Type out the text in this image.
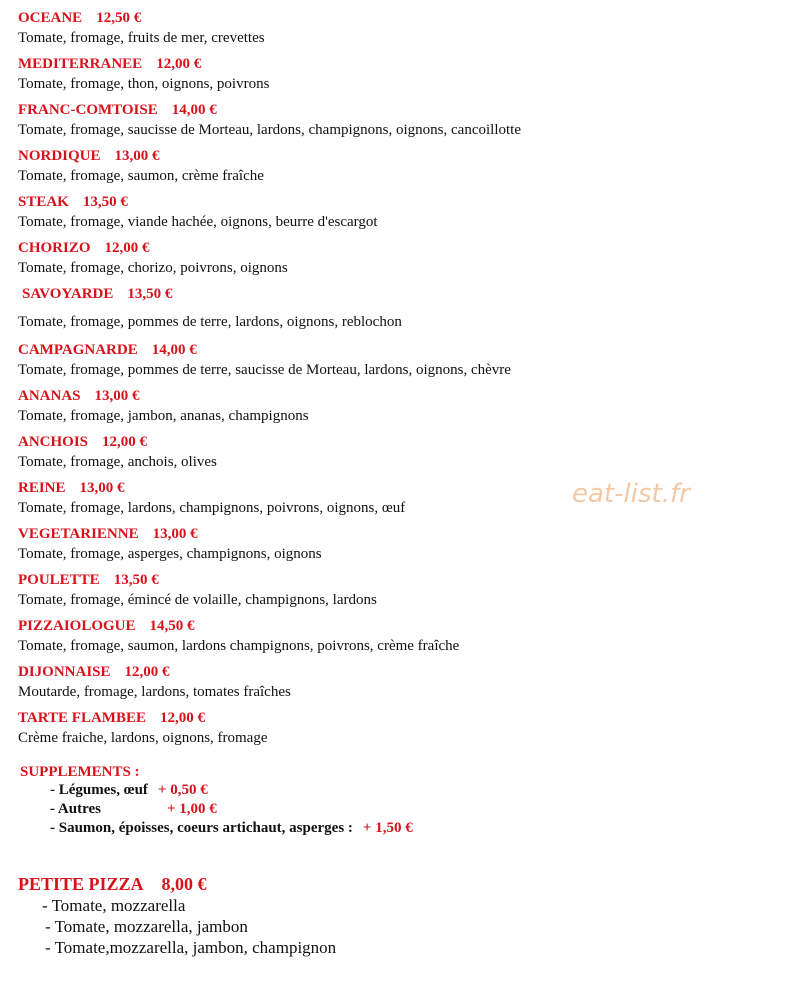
OCEANE 12,50 €
Tomate, fromage, fruits de mer, crevettes
MEDITERRANEE 12,00 €
Tomate, fromage, thon, oignons, poivrons
FRANC-COMTOISE 14,00 €
Tomate, fromage, saucisse de Morteau, lardons, champignons, oignons, cancoillotte
NORDIQUE 13,00 €
Tomate, fromage, saumon, crème fraîche
STEAK 13,50 €
Tomate, fromage, viande hachée, oignons, beurre d'escargot
CHORIZO 12,00 €
Tomate, fromage, chorizo, poivrons, oignons
SAVOYARDE 13,50 €
Tomate, fromage, pommes de terre, lardons, oignons, reblochon
CAMPAGNARDE 14,00 €
Tomate, fromage, pommes de terre, saucisse de Morteau, lardons, oignons, chèvre
ANANAS 13,00 €
Tomate, fromage, jambon, ananas, champignons
ANCHOIS 12,00 €
Tomate, fromage, anchois, olives
REINE 13,00 €
Tomate, fromage, lardons, champignons, poivrons, oignons, œuf
VEGETARIENNE 13,00 €
Tomate, fromage, asperges, champignons, oignons
POULETTE 13,50 €
Tomate, fromage, émincé de volaille, champignons, lardons
PIZZAIOLOGUE 14,50 €
Tomate, fromage, saumon, lardons champignons, poivrons, crème fraîche
DIJONNAISE 12,00 €
Moutarde, fromage, lardons, tomates fraîches
TARTE FLAMBEE 12,00 €
Crème fraiche, lardons, oignons, fromage
eat-list.fr
SUPPLEMENTS :
- Légumes, œuf + 0,50 €
- Autres	+ 1,00 €
- Saumon, époisses, coeurs artichaut, asperges : + 1,50 €
PETITE PIZZA 8,00 €
- Tomate, mozzarella
- Tomate, mozzarella, jambon
- Tomate,mozzarella, jambon, champignon
